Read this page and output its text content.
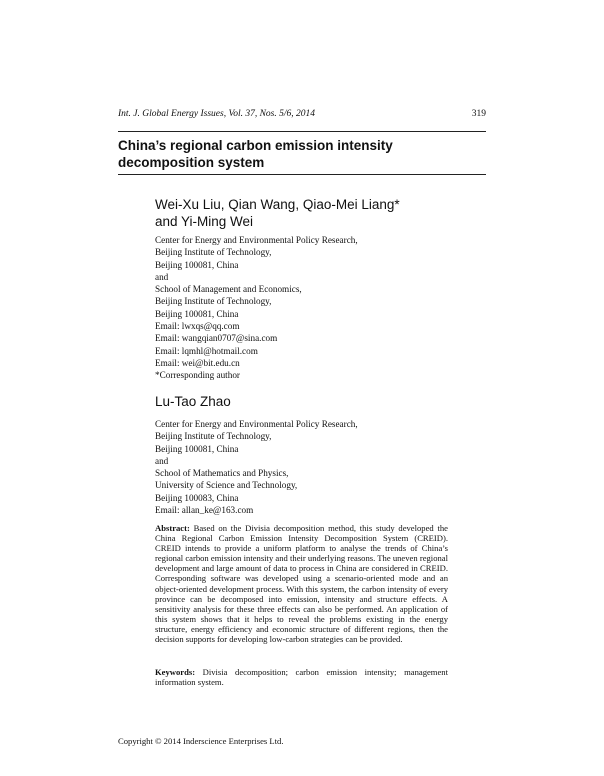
Int. J. Global Energy Issues, Vol. 37, Nos. 5/6, 2014	319
China’s regional carbon emission intensity
decomposition system
Wei-Xu Liu, Qian Wang, Qiao-Mei Liang*
and Yi-Ming Wei
Center for Energy and Environmental Policy Research,
Beijing Institute of Technology,
Beijing 100081, China
and
School of Management and Economics,
Beijing Institute of Technology,
Beijing 100081, China
Email: lwxqs@qq.com
Email: wangqian0707@sina.com
Email: lqmhl@hotmail.com
Email: wei@bit.edu.cn
*Corresponding author
Lu-Tao Zhao
Center for Energy and Environmental Policy Research,
Beijing Institute of Technology,
Beijing 100081, China
and
School of Mathematics and Physics,
University of Science and Technology,
Beijing 100083, China
Email: allan_ke@163.com
Abstract: Based on the Divisia decomposition method, this study developed the China Regional Carbon Emission Intensity Decomposition System (CREID). CREID intends to provide a uniform platform to analyse the trends of China’s regional carbon emission intensity and their underlying reasons. The uneven regional development and large amount of data to process in China are considered in CREID. Corresponding software was developed using a scenario-oriented mode and an object-oriented development process. With this system, the carbon intensity of every province can be decomposed into emission, intensity and structure effects. A sensitivity analysis for these three effects can also be performed. An application of this system shows that it helps to reveal the problems existing in the energy structure, energy efficiency and economic structure of different regions, then the decision supports for developing low-carbon strategies can be provided.
Keywords: Divisia decomposition; carbon emission intensity; management information system.
Copyright © 2014 Inderscience Enterprises Ltd.
